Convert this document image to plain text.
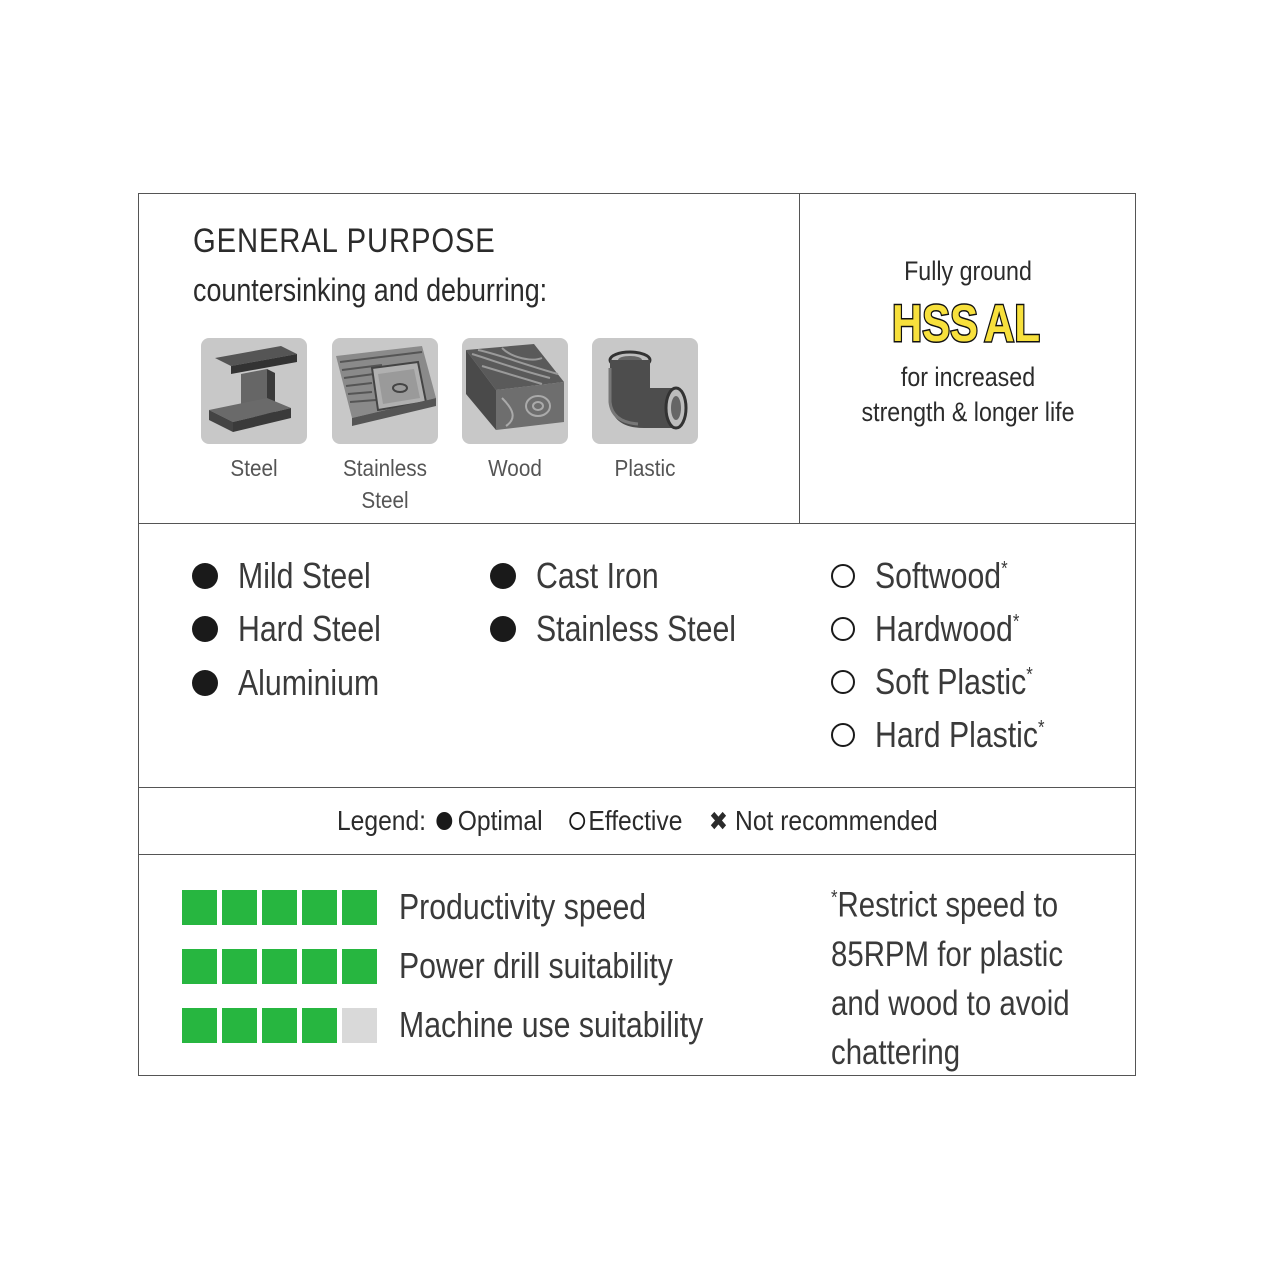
GENERAL PURPOSE
countersinking and deburring:
Steel	Stainless Steel
Wood	Plastic
Fully ground
HSS AL
for increased
strength & longer life
Mild Steel
Hard Steel
Aluminium
Cast Iron
Stainless Steel
Softwood*
Hardwood*
Soft Plastic*
Hard Plastic*
Legend: Optimal Effective ✖ Not recommended
Productivity speed
Power drill suitability
Machine use suitability
*Restrict speed to
85RPM for plastic
and wood to avoid
chattering
